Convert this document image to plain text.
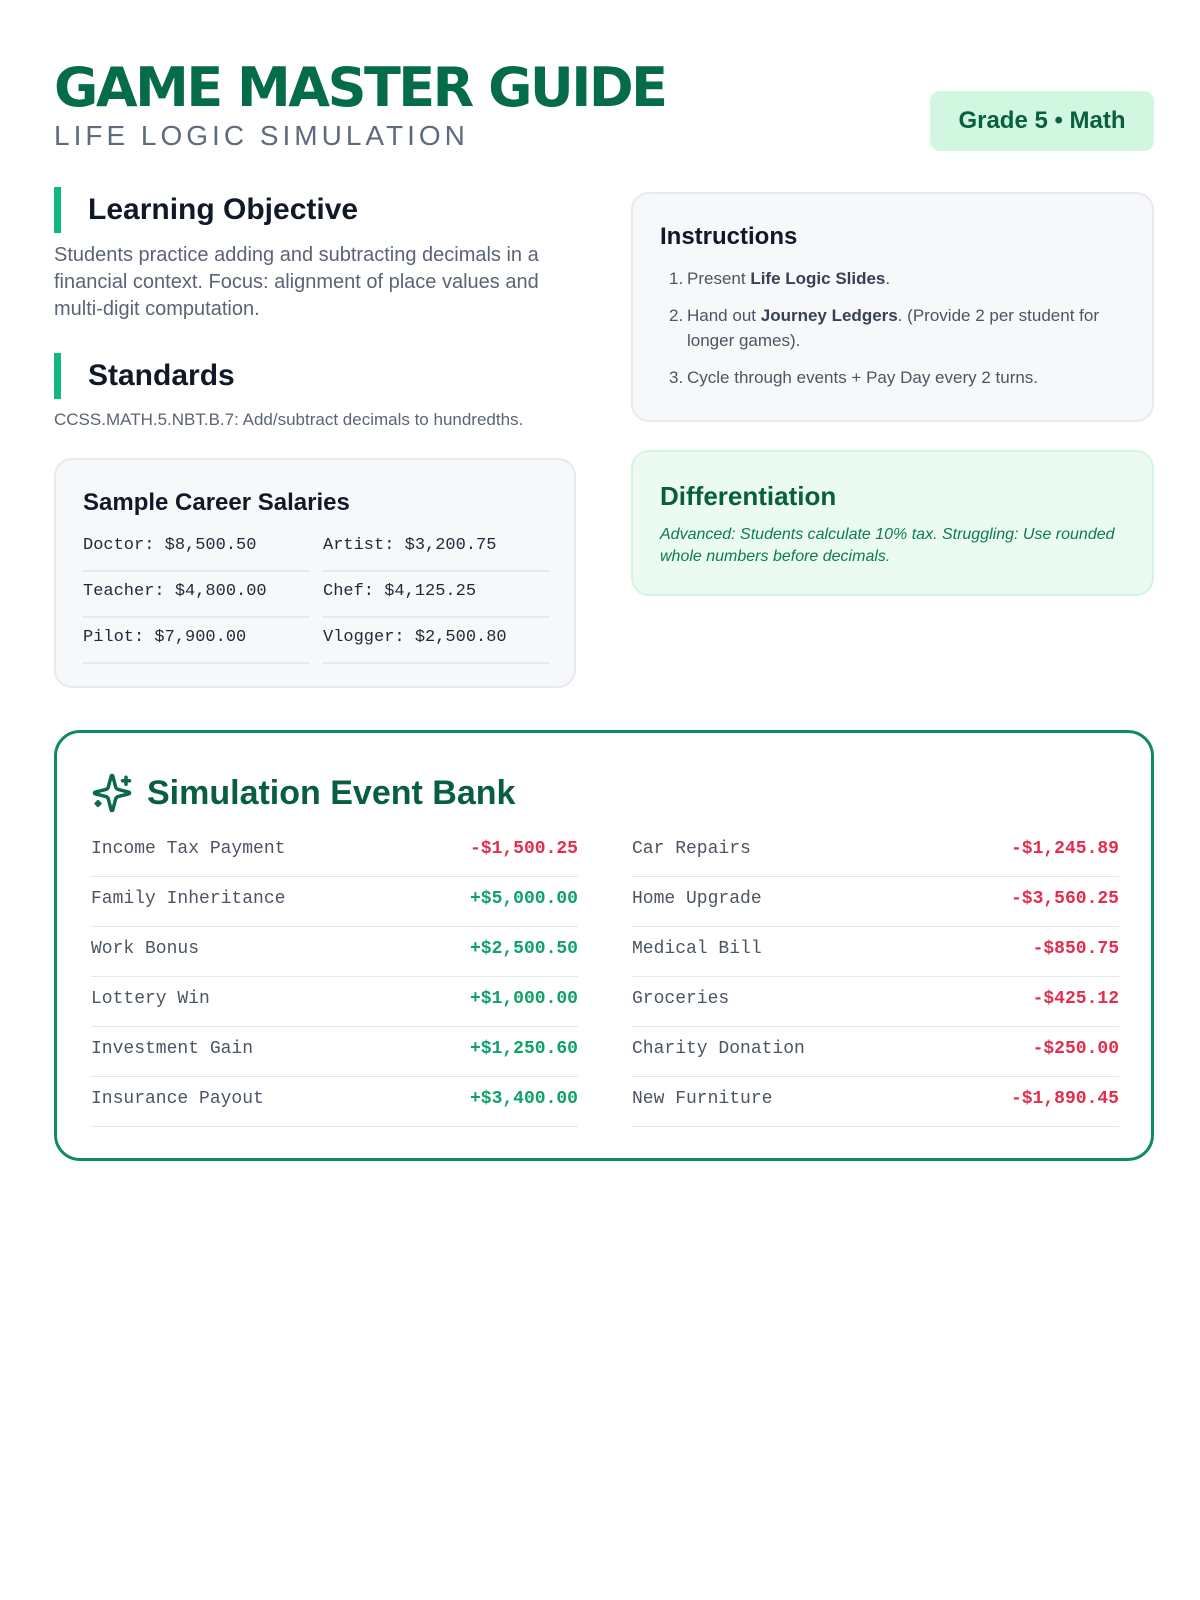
GAME MASTER GUIDE
LIFE LOGIC SIMULATION	Grade 5 • Math
Learning Objective
Students practice adding and subtracting decimals in a financial context. Focus: alignment of place values and multi-digit computation.
Standards
CCSS.MATH.5.NBT.B.7: Add/subtract decimals to hundredths.
Sample Career Salaries
Doctor: $8,500.50	Artist: $3,200.75
Teacher: $4,800.00	Chef: $4,125.25
Pilot: $7,900.00	Vlogger: $2,500.80
Instructions
1. Present Life Logic Slides.
2. Hand out Journey Ledgers. (Provide 2 per student for longer games).
3. Cycle through events + Pay Day every 2 turns.
Differentiation
Advanced: Students calculate 10% tax. Struggling: Use rounded whole numbers before decimals.
Simulation Event Bank
Income Tax Payment	-$1,500.25
Family Inheritance	+$5,000.00
Work Bonus	+$2,500.50
Lottery Win	+$1,000.00
Investment Gain	+$1,250.60
Insurance Payout	+$3,400.00
Car Repairs	-$1,245.89
Home Upgrade	-$3,560.25
Medical Bill	-$850.75
Groceries	-$425.12
Charity Donation	-$250.00
New Furniture	-$1,890.45
